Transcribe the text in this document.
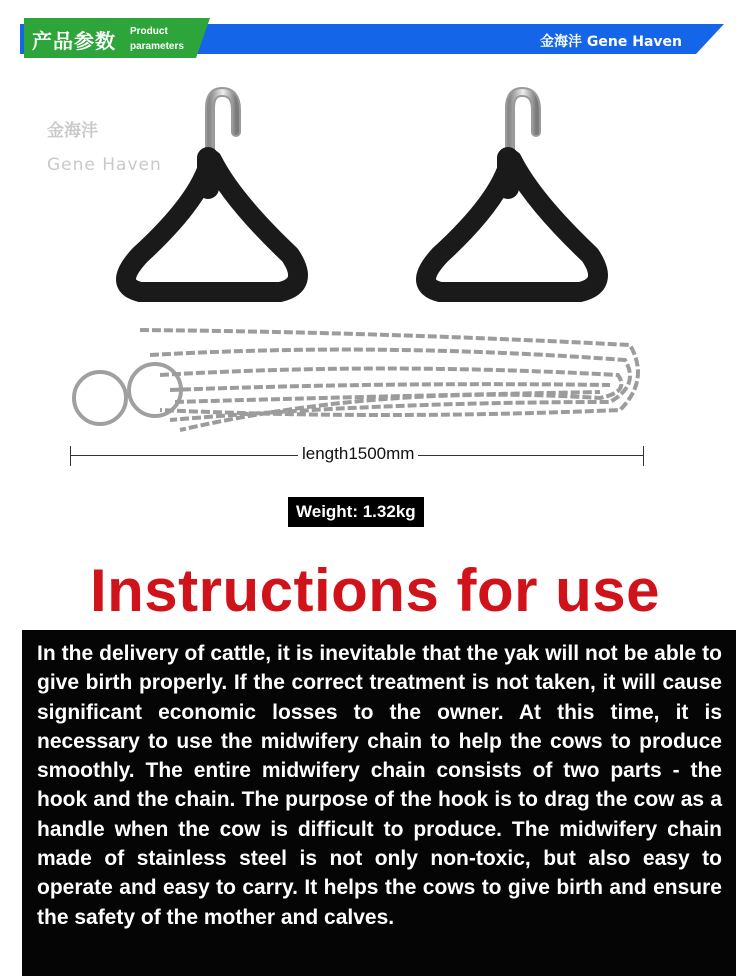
产品参数 Product
parameters	金海沣 Gene Haven
金海沣
Gene Haven
length1500mm
Weight: 1.32kg
Instructions for use
In the delivery of cattle, it is inevitable that the yak will not be able to give birth properly. If the correct treatment is not taken, it will cause significant economic losses to the owner. At this time, it is necessary to use the midwifery chain to help the cows to produce smoothly. The entire midwifery chain consists of two parts - the hook and the chain. The purpose of the hook is to drag the cow as a handle when the cow is difficult to produce. The midwifery chain made of stainless steel is not only non-toxic, but also easy to operate and easy to carry. It helps the cows to give birth and ensure the safety of the mother and calves.
